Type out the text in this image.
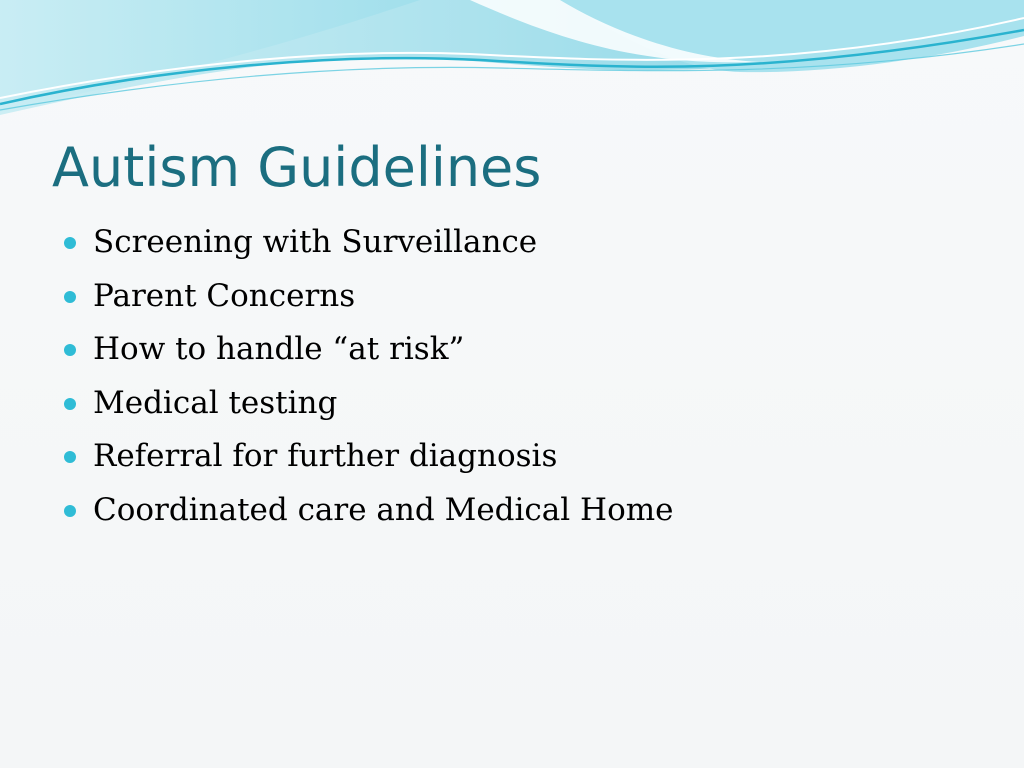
Autism Guidelines
Screening with Surveillance
Parent Concerns
How to handle “at risk”
Medical testing
Referral for further diagnosis
Coordinated care and Medical Home
